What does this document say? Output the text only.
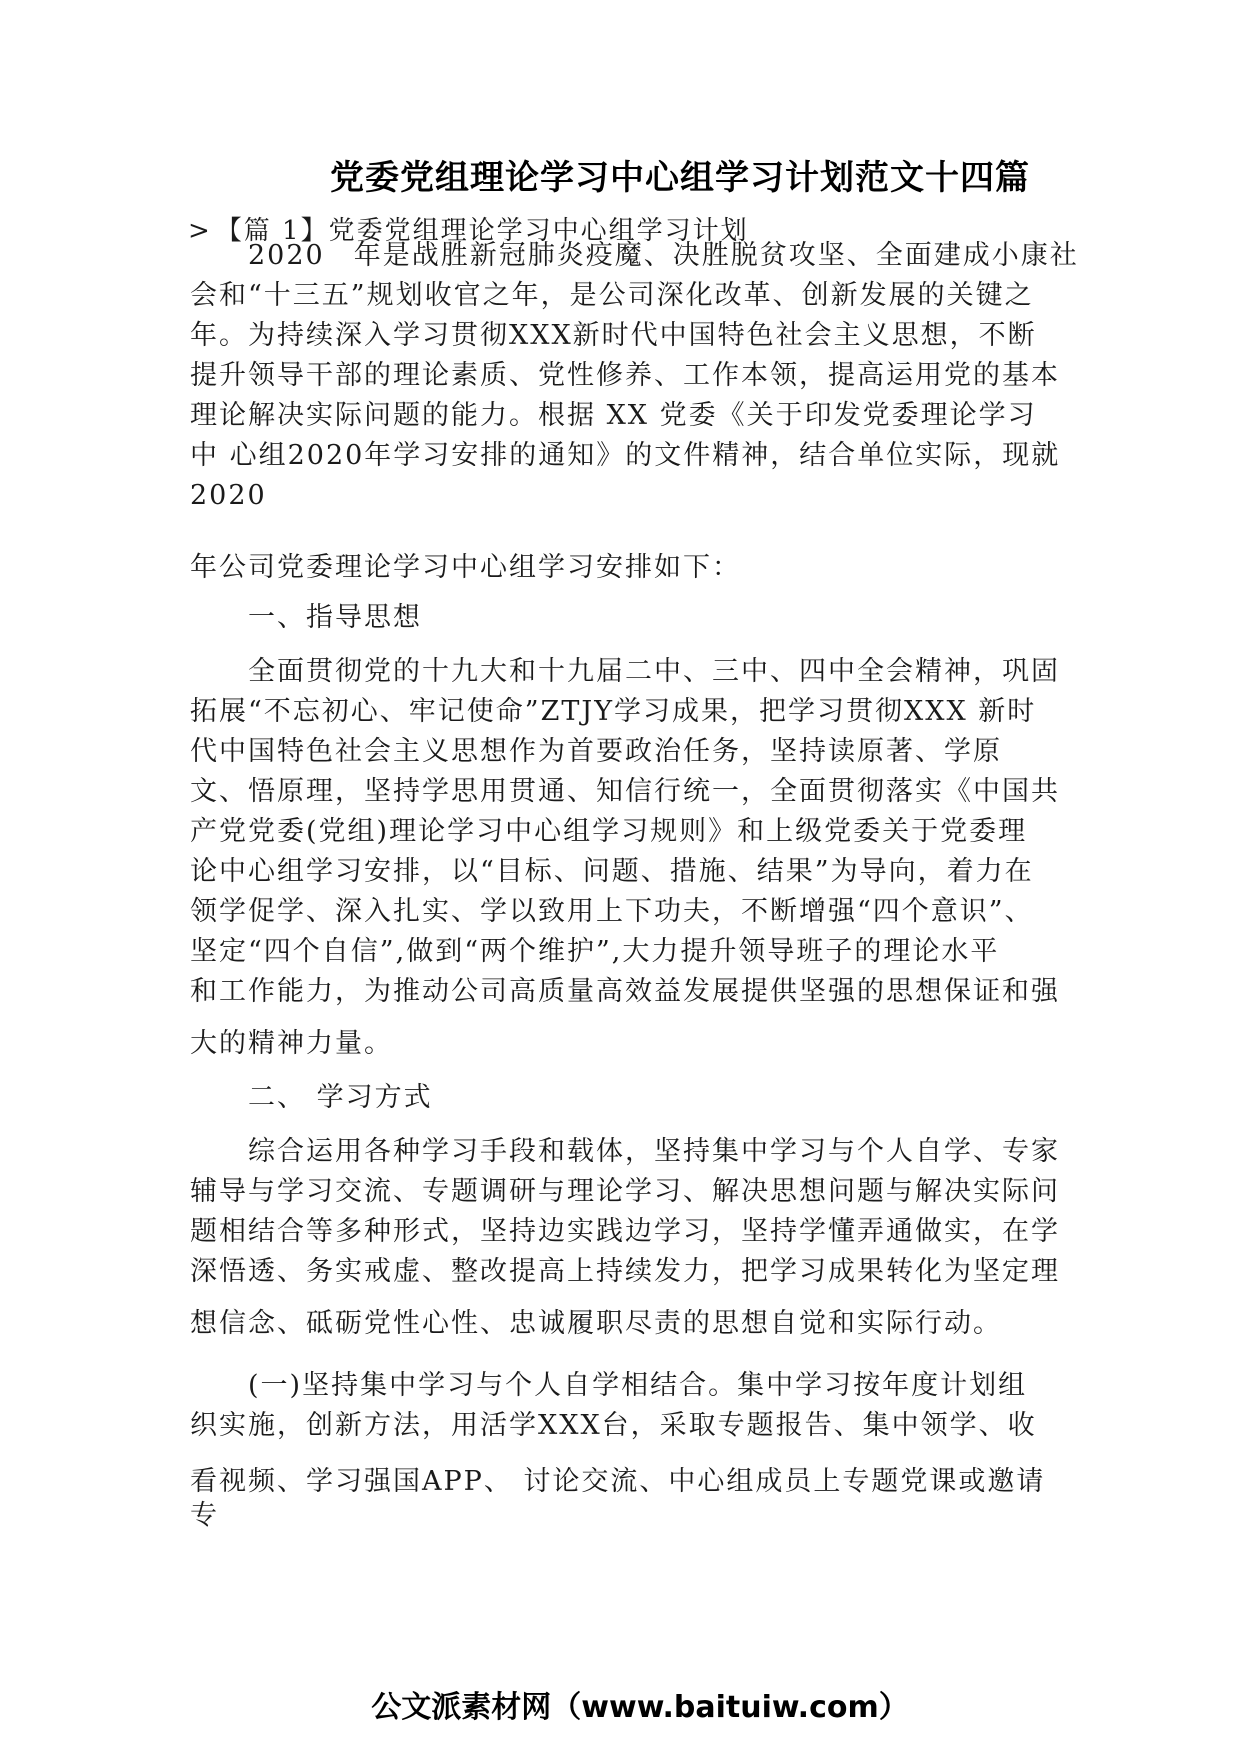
党委党组理论学习中心组学习计划范文十四篇
> 【篇 1】党委党组理论学习中心组学习计划
　　2020　年是战胜新冠肺炎疫魔、决胜脱贫攻坚、全面建成小康社
会和“十三五”规划收官之年，是公司深化改革、创新发展的关键之
年。为持续深入学习贯彻XXX新时代中国特色社会主义思想，不断
提升领导干部的理论素质、党性修养、工作本领，提高运用党的基本
理论解决实际问题的能力。根据 XX 党委《关于印发党委理论学习
中 心组2020年学习安排的通知》的文件精神，结合单位实际，现就
2020
年公司党委理论学习中心组学习安排如下：
　　一、指导思想
　　全面贯彻党的十九大和十九届二中、三中、四中全会精神，巩固
拓展“不忘初心、牢记使命”ZTJY学习成果，把学习贯彻XXX 新时
代中国特色社会主义思想作为首要政治任务，坚持读原著、学原
文、悟原理，坚持学思用贯通、知信行统一，全面贯彻落实《中国共
产党党委(党组)理论学习中心组学习规则》和上级党委关于党委理
论中心组学习安排，以“目标、问题、措施、结果”为导向，着力在
领学促学、深入扎实、学以致用上下功夫，不断增强“四个意识”、
坚定“四个自信”,做到“两个维护”,大力提升领导班子的理论水平
和工作能力，为推动公司高质量高效益发展提供坚强的思想保证和强
大的精神力量。
　　二、 学习方式
　　综合运用各种学习手段和载体，坚持集中学习与个人自学、专家
辅导与学习交流、专题调研与理论学习、解决思想问题与解决实际问
题相结合等多种形式，坚持边实践边学习，坚持学懂弄通做实，在学
深悟透、务实戒虚、整改提高上持续发力，把学习成果转化为坚定理
想信念、砥砺党性心性、忠诚履职尽责的思想自觉和实际行动。
　　(一)坚持集中学习与个人自学相结合。集中学习按年度计划组
织实施，创新方法，用活学XXX台，采取专题报告、集中领学、收
看视频、学习强国APP、 讨论交流、中心组成员上专题党课或邀请
专
公文派素材网（www.baituiw.com）
